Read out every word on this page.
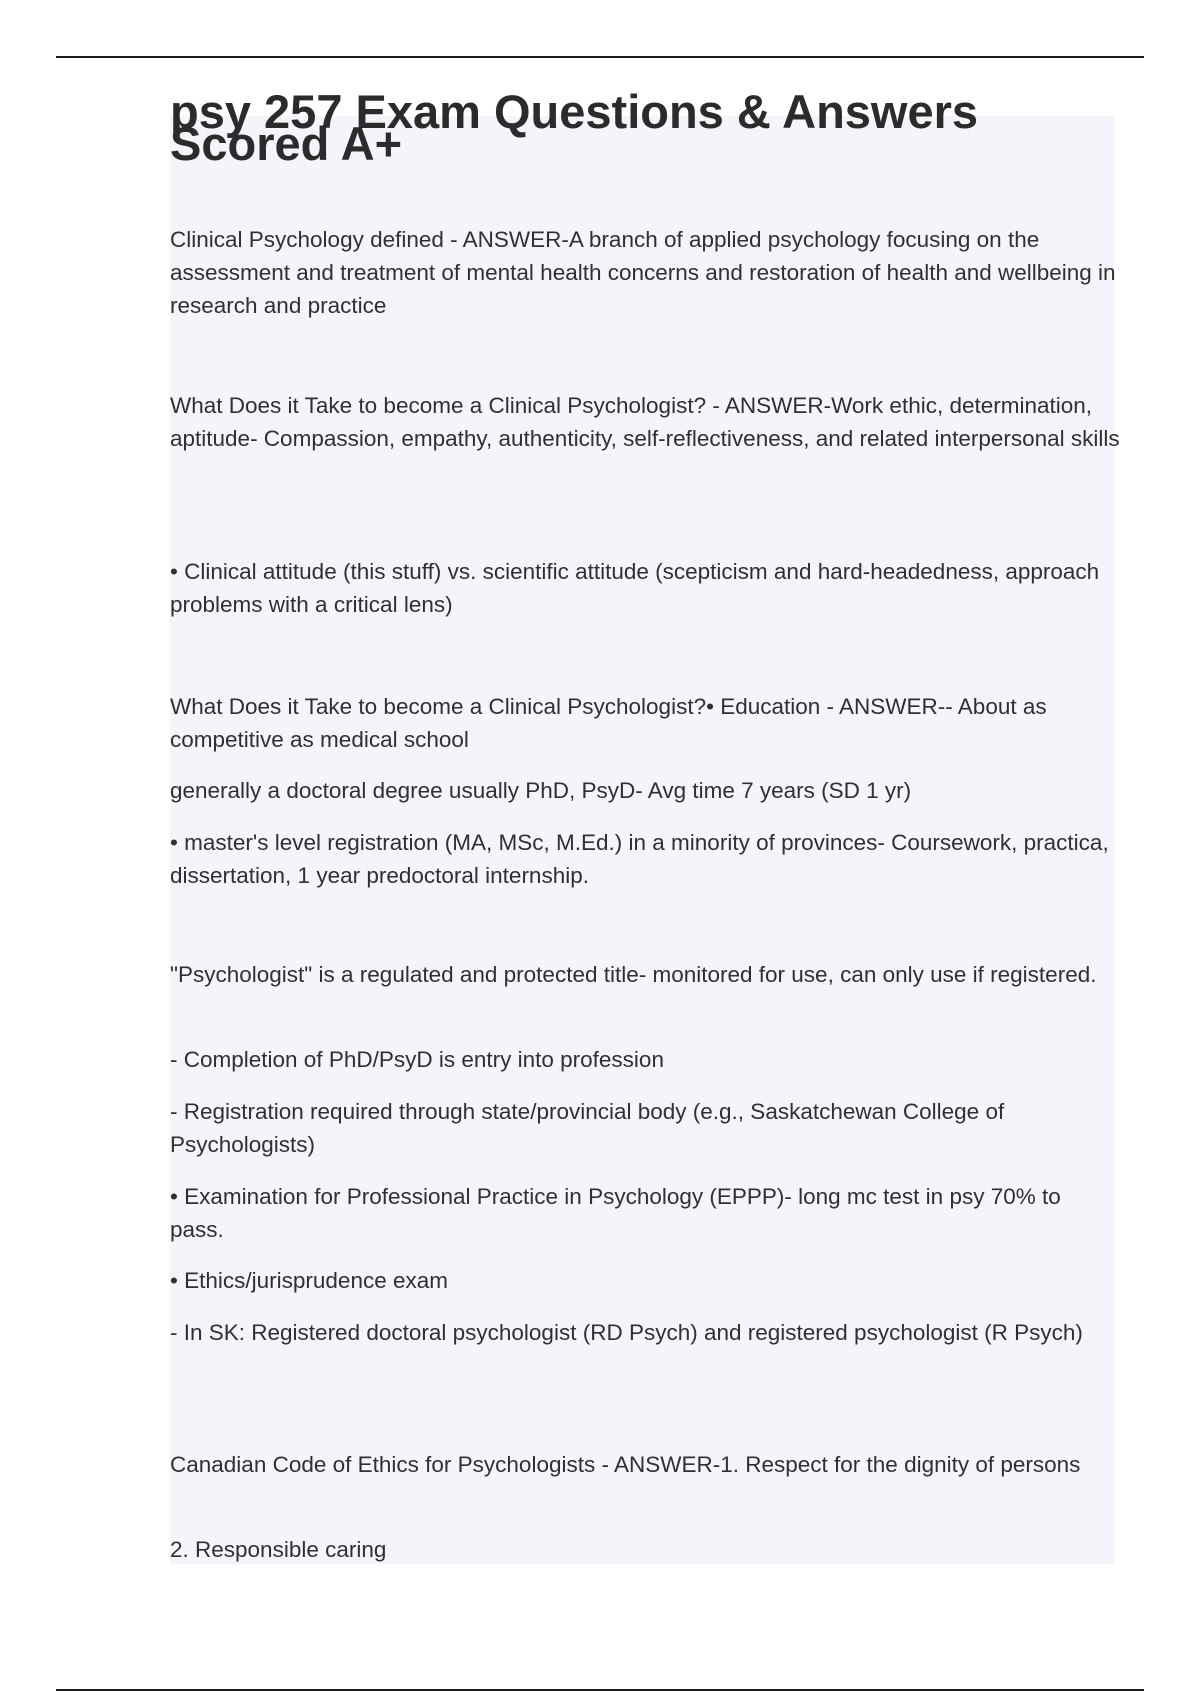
psy 257 Exam Questions & Answers Scored A+

Clinical Psychology defined - ANSWER-A branch of applied psychology focusing on the assessment and treatment of mental health concerns and restoration of health and wellbeing in research and practice

What Does it Take to become a Clinical Psychologist? - ANSWER-Work ethic, determination, aptitude- Compassion, empathy, authenticity, self-reflectiveness, and related interpersonal skills

• Clinical attitude (this stuff) vs. scientific attitude (scepticism and hard-headedness, approach problems with a critical lens)

What Does it Take to become a Clinical Psychologist?• Education - ANSWER-- About as competitive as medical school

generally a doctoral degree usually PhD, PsyD- Avg time 7 years (SD 1 yr)

• master's level registration (MA, MSc, M.Ed.) in a minority of provinces- Coursework, practica, dissertation, 1 year predoctoral internship.

"Psychologist" is a regulated and protected title- monitored for use, can only use if registered.

- Completion of PhD/PsyD is entry into profession

- Registration required through state/provincial body (e.g., Saskatchewan College of Psychologists)

• Examination for Professional Practice in Psychology (EPPP)- long mc test in psy 70% to pass.

• Ethics/jurisprudence exam

- In SK: Registered doctoral psychologist (RD Psych) and registered psychologist (R Psych)

Canadian Code of Ethics for Psychologists - ANSWER-1. Respect for the dignity of persons

2. Responsible caring
